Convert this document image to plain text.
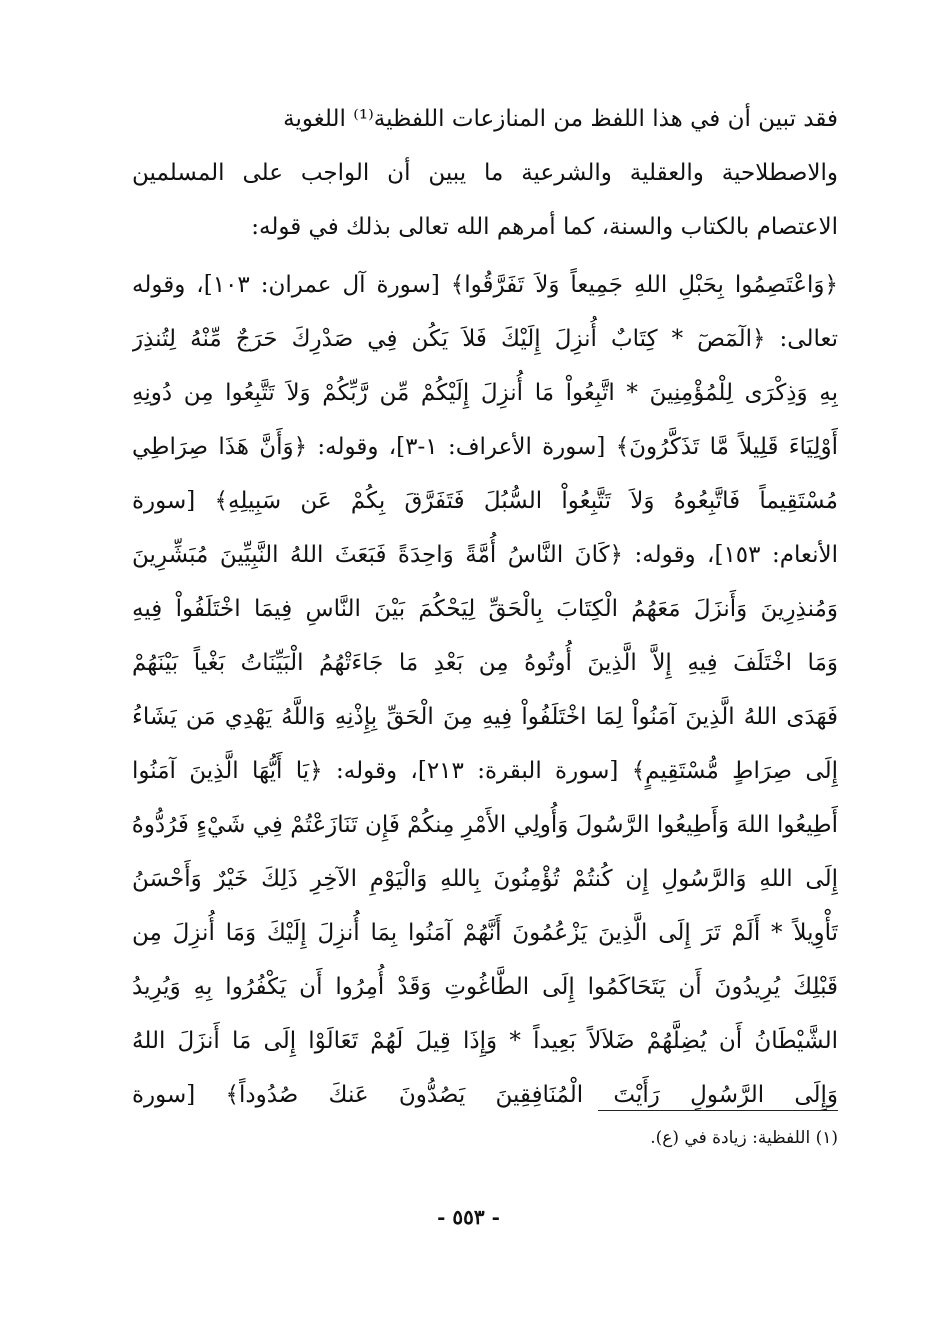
فقد تبين أن في هذا اللفظ من المنازعات اللفظية⁽¹⁾ اللغوية
والاصطلاحية والعقلية والشرعية ما يبين أن الواجب على المسلمين
الاعتصام بالكتاب والسنة، كما أمرهم الله تعالى بذلك في قوله:
﴿وَاعْتَصِمُوا بِحَبْلِ اللهِ جَمِيعاً وَلاَ تَفَرَّقُوا﴾ [سورة آل عمران: ١٠٣]، وقوله
تعالى: ﴿الٓمٓصٓ * كِتَابٌ أُنزِلَ إِلَيْكَ فَلاَ يَكُن فِي صَدْرِكَ حَرَجٌ مِّنْهُ لِتُنذِرَ
بِهِ وَذِكْرَى لِلْمُؤْمِنِينَ * اتَّبِعُواْ مَا أُنزِلَ إِلَيْكُمْ مِّن رَّبِّكُمْ وَلاَ تَتَّبِعُوا مِن دُونِهِ
أَوْلِيَاءَ قَلِيلاً مَّا تَذَكَّرُونَ﴾ [سورة الأعراف: ١-٣]، وقوله: ﴿وَأَنَّ هَذَا صِرَاطِي
مُسْتَقِيماً فَاتَّبِعُوهُ وَلاَ تَتَّبِعُواْ السُّبُلَ فَتَفَرَّقَ بِكُمْ عَن سَبِيلِهِ﴾ [سورة
الأنعام: ١٥٣]، وقوله: ﴿كَانَ النَّاسُ أُمَّةً وَاحِدَةً فَبَعَثَ اللهُ النَّبِيِّينَ مُبَشِّرِينَ
وَمُنذِرِينَ وَأَنزَلَ مَعَهُمُ الْكِتَابَ بِالْحَقِّ لِيَحْكُمَ بَيْنَ النَّاسِ فِيمَا اخْتَلَفُواْ فِيهِ
وَمَا اخْتَلَفَ فِيهِ إِلاَّ الَّذِينَ أُوتُوهُ مِن بَعْدِ مَا جَاءَتْهُمُ الْبَيِّنَاتُ بَغْياً بَيْنَهُمْ
فَهَدَى اللهُ الَّذِينَ آمَنُواْ لِمَا اخْتَلَفُواْ فِيهِ مِنَ الْحَقِّ بِإِذْنِهِ وَاللَّهُ يَهْدِي مَن يَشَاءُ
إِلَى صِرَاطٍ مُّسْتَقِيمٍ﴾ [سورة البقرة: ٢١٣]، وقوله: ﴿يَا أَيُّهَا الَّذِينَ آمَنُوا
أَطِيعُوا اللهَ وَأَطِيعُوا الرَّسُولَ وَأُولِي الأَمْرِ مِنكُمْ فَإِن تَنَازَعْتُمْ فِي شَيْءٍ فَرُدُّوهُ
إِلَى اللهِ وَالرَّسُولِ إِن كُنتُمْ تُؤْمِنُونَ بِاللهِ وَالْيَوْمِ الآخِرِ ذَلِكَ خَيْرٌ وَأَحْسَنُ
تَأْوِيلاً * أَلَمْ تَرَ إِلَى الَّذِينَ يَزْعُمُونَ أَنَّهُمْ آمَنُوا بِمَا أُنزِلَ إِلَيْكَ وَمَا أُنزِلَ مِن
قَبْلِكَ يُرِيدُونَ أَن يَتَحَاكَمُوا إِلَى الطَّاغُوتِ وَقَدْ أُمِرُوا أَن يَكْفُرُوا بِهِ وَيُرِيدُ
الشَّيْطَانُ أَن يُضِلَّهُمْ ضَلاَلاً بَعِيداً * وَإِذَا قِيلَ لَهُمْ تَعَالَوْا إِلَى مَا أَنزَلَ اللهُ
وَإِلَى الرَّسُولِ رَأَيْتَ الْمُنَافِقِينَ يَصُدُّونَ عَنكَ صُدُوداً﴾ [سورة
(١) اللفظية: زيادة في (ع).
- ٥٥٣ -
